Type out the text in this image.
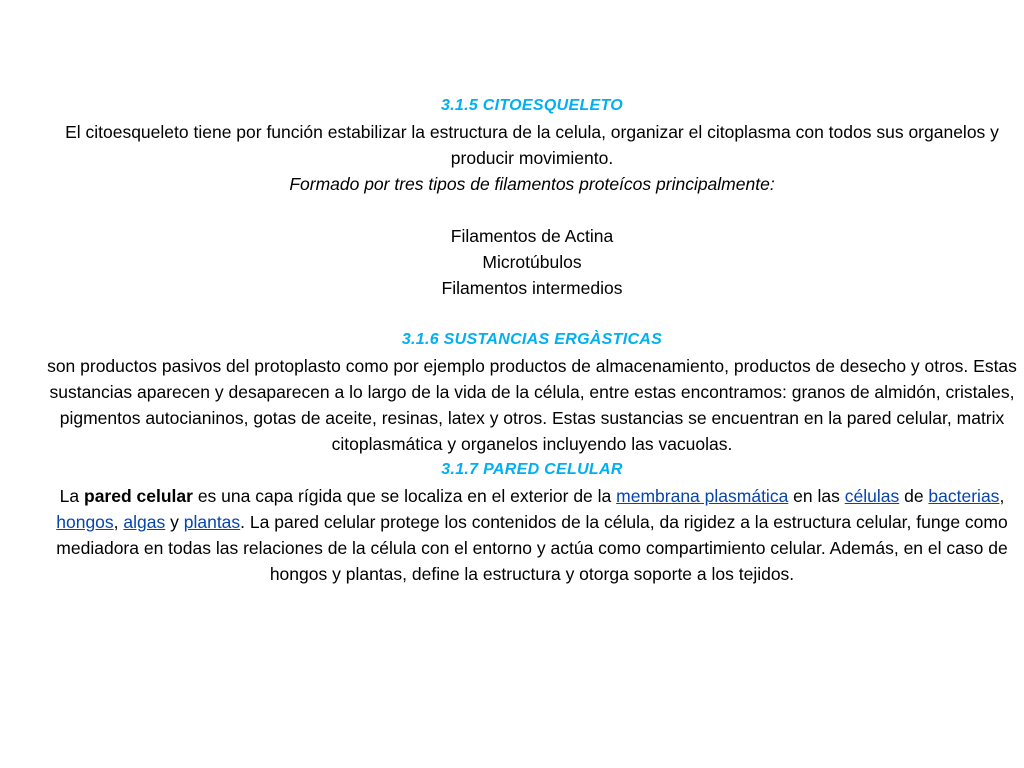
3.1.5 CITOESQUELETO

El citoesqueleto tiene por función estabilizar la estructura de la celula, organizar el citoplasma con todos sus organelos y producir movimiento.

Formado por tres tipos de filamentos proteícos principalmente:

Filamentos de Actina

Microtúbulos

Filamentos intermedios

3.1.6 SUSTANCIAS ERGÀSTICAS

son productos pasivos del protoplasto como por ejemplo productos de almacenamiento, productos de desecho y otros. Estas sustancias aparecen y desaparecen a lo largo de la vida de la célula, entre estas encontramos: granos de almidón, cristales, pigmentos autocianinos, gotas de aceite, resinas, latex y otros. Estas sustancias se encuentran en la pared celular, matrix citoplasmática y organelos incluyendo las vacuolas.

3.1.7 PARED CELULAR

La pared celular es una capa rígida que se localiza en el exterior de la membrana plasmática en las células de bacterias, hongos, algas y plantas. La pared celular protege los contenidos de la célula, da rigidez a la estructura celular, funge como mediadora en todas las relaciones de la célula con el entorno y actúa como compartimiento celular. Además, en el caso de hongos y plantas, define la estructura y otorga soporte a los tejidos.
